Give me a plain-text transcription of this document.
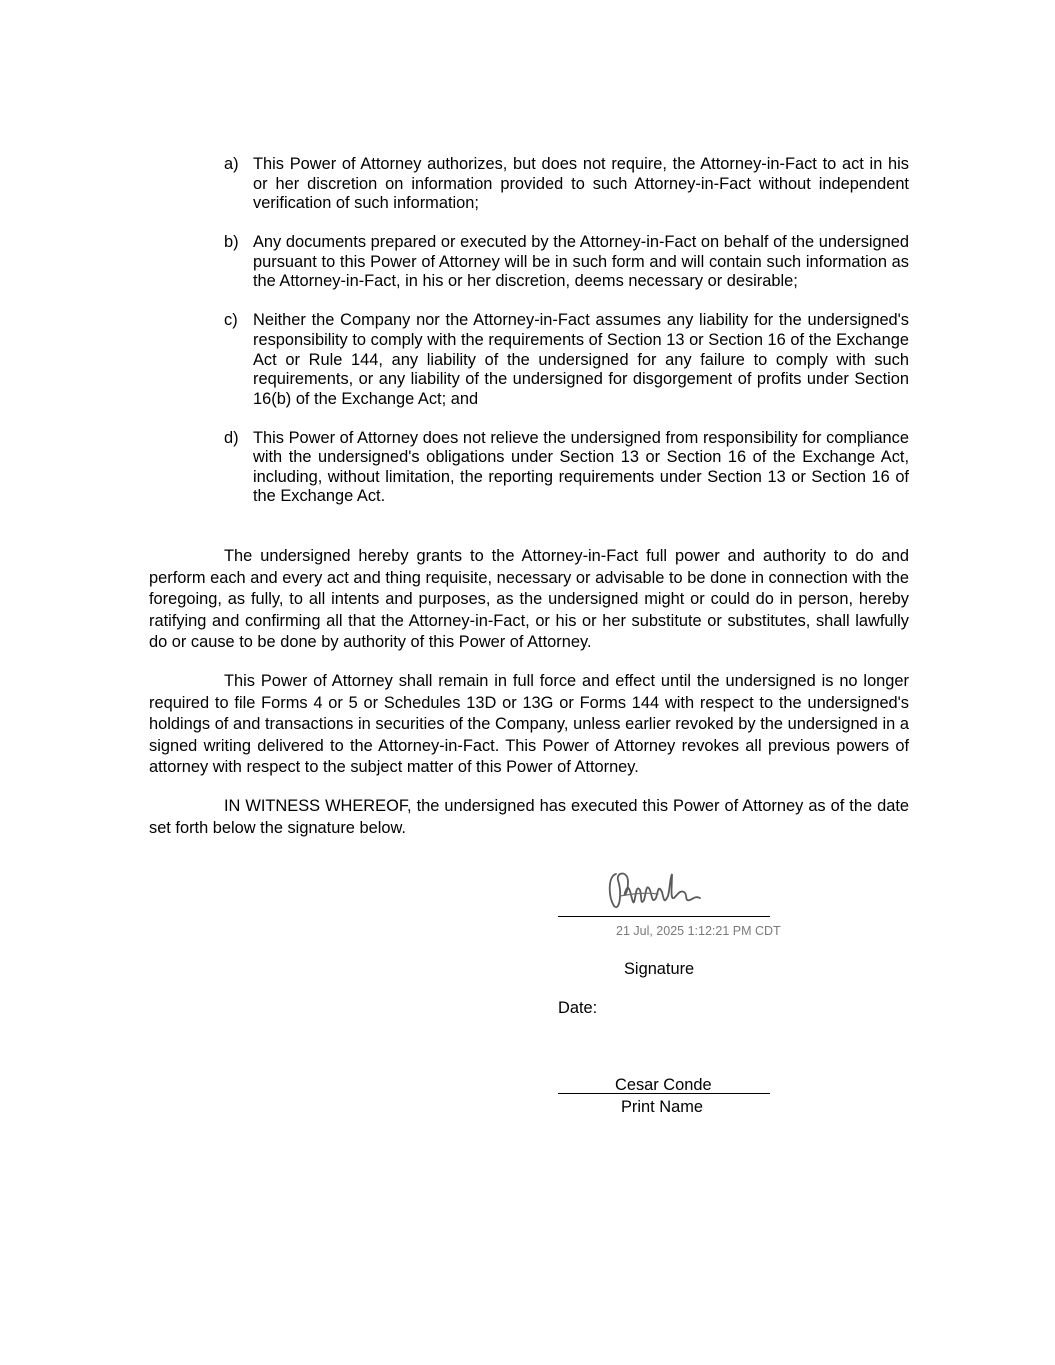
a) This Power of Attorney authorizes, but does not require, the Attorney-in-Fact to act in his or her discretion on information provided to such Attorney-in-Fact without independent verification of such information;
b) Any documents prepared or executed by the Attorney-in-Fact on behalf of the undersigned pursuant to this Power of Attorney will be in such form and will contain such information as the Attorney-in-Fact, in his or her discretion, deems necessary or desirable;
c) Neither the Company nor the Attorney-in-Fact assumes any liability for the undersigned's responsibility to comply with the requirements of Section 13 or Section 16 of the Exchange Act or Rule 144, any liability of the undersigned for any failure to comply with such requirements, or any liability of the undersigned for disgorgement of profits under Section 16(b) of the Exchange Act; and
d) This Power of Attorney does not relieve the undersigned from responsibility for compliance with the undersigned's obligations under Section 13 or Section 16 of the Exchange Act, including, without limitation, the reporting requirements under Section 13 or Section 16 of the Exchange Act.

The undersigned hereby grants to the Attorney-in-Fact full power and authority to do and perform each and every act and thing requisite, necessary or advisable to be done in connection with the foregoing, as fully, to all intents and purposes, as the undersigned might or could do in person, hereby ratifying and confirming all that the Attorney-in-Fact, or his or her substitute or substitutes, shall lawfully do or cause to be done by authority of this Power of Attorney.

This Power of Attorney shall remain in full force and effect until the undersigned is no longer required to file Forms 4 or 5 or Schedules 13D or 13G or Forms 144 with respect to the undersigned's holdings of and transactions in securities of the Company, unless earlier revoked by the undersigned in a signed writing delivered to the Attorney-in-Fact. This Power of Attorney revokes all previous powers of attorney with respect to the subject matter of this Power of Attorney.

IN WITNESS WHEREOF, the undersigned has executed this Power of Attorney as of the date set forth below the signature below.

21 Jul, 2025 1:12:21 PM CDT
Signature
Date:
Cesar Conde
Print Name
